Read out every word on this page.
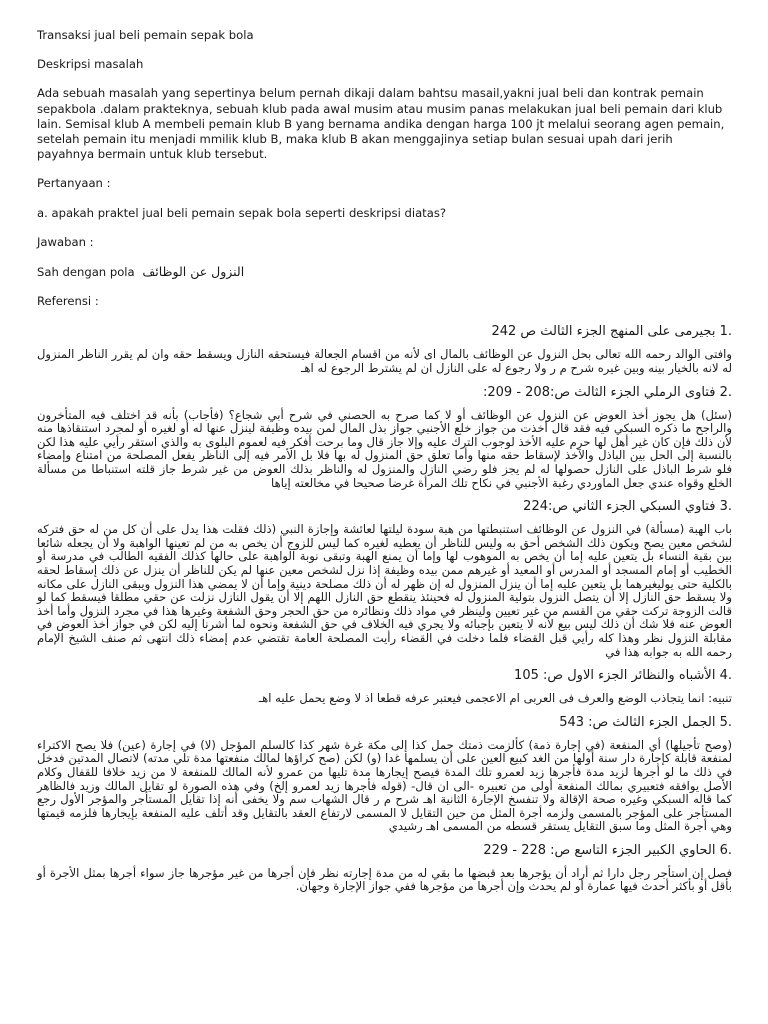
Transaksi jual beli pemain sepak bola

Deskripsi masalah

Ada sebuah masalah yang sepertinya belum pernah dikaji dalam bahtsu masail,yakni jual beli dan kontrak pemain sepakbola .dalam prakteknya, sebuah klub pada awal musim atau musim panas melakukan jual beli pemain dari klub lain. Semisal klub A membeli pemain klub B yang bernama andika dengan harga 100 jt melalui seorang agen pemain, setelah pemain itu menjadi mmilik klub B, maka klub B akan menggajinya setiap bulan sesuai upah dari jerih payahnya bermain untuk klub tersebut.

Pertanyaan :

a. apakah praktel jual beli pemain sepak bola seperti deskripsi diatas?

Jawaban :

Sah dengan pola النزول عن الوظائف

Referensi :

.1 بجيرمى على المنهج الجزء الثالث ص 242

وافتى الوالد رحمه الله تعالى بحل النزول عن الوظائف بالمال اى لأنه من اقسام الجعالة فيستحقه النازل ويسقط حقه وان لم يقرر الناظر المنزول له لانه بالخيار بينه وبين غيره شرح م ر ولا رجوع له على النازل ان لم يشترط الرجوع له اهـ

.2 فتاوى الرملي الجزء الثالث ص:208 - 209:

(سئل) هل يجوز أخذ العوض عن النزول عن الوظائف أو لا كما صرح به الحصني في شرح أبي شجاع؟ (فأجاب) بأنه قد اختلف فيه المتأخرون والراجح ما ذكره السبكي فيه فقد قال أخذت من جواز خلع الأجنبي جواز بذل المال لمن بيده وظيفة لينزل عنها له أو لغيره أو لمجرد استنقاذها منه لأن ذلك فإن كان غير أهل لها حرم عليه الأخذ لوجوب الترك عليه وإلا جاز قال وما برحت أفكر فيه لعموم البلوى به والذي استقر رأيي عليه هذا لكن بالنسبة إلى الحل بين الباذل والآخذ لإسقاط حقه منها وأما تعلق حق المنزول له بها فلا بل الأمر فيه إلى الناظر يفعل المصلحة من امتناع وإمضاء فلو شرط الباذل على النازل حصولها له لم يجز فلو رضي النازل والمنزول له والناظر بذلك العوض من غير شرط جاز قلته استنباطا من مسألة الخلع وقواه عندي جعل الماوردي رغبة الأجنبي في نكاح تلك المرأة غرضا صحيحا في مخالعته إياها

.3 فتاوي السبكي الجزء الثاني ص:224

باب الهبة (مسألة) في النزول عن الوظائف استنبطتها من هبة سودة ليلتها لعائشة وإجازة النبي (ذلك فقلت هذا يدل على أن كل من له حق فتركه لشخص معين يصح ويكون ذلك الشخص أحق به وليس للناظر أن يعطيه لغيره كما ليس للزوج أن يخص به من لم تعينها الواهبة ولا أن يجعله شائعا بين بقية النساء بل يتعين عليه إما أن يخص به الموهوب لها وإما أن يمنع الهبة وتبقى نوبة الواهبة على حالها كذلك الفقيه الطالب في مدرسة أو الخطيب أو إمام المسجد أو المدرس أو المعيد أو غيرهم ممن بيده وظيفة إذا نزل لشخص معين عنها لم يكن للناظر أن ينزل عن ذلك إسقاط لحقه بالكلية حتى يوليغيرهما بل يتعين عليه إما أن ينزل المنزول له إن ظهر له أن ذلك مصلحة دينية وإما أن لا يمضي هذا النزول ويبقى النازل على مكانه ولا يسقط حق النازل إلا أن يتصل النزول بتولية المنزول له فحينئذ ينقطع حق النازل اللهم إلا أن يقول النازل نزلت عن حقي مطلقا فيسقط كما لو قالت الزوجة تركت حقي من القسم من غير تعيين ولينظر في مواد ذلك ونظائره من حق الحجر وحق الشفعة وغيرها هذا في مجرد النزول وأما أخذ العوض عنه فلا شك أن ذلك ليس بيع لأنه لا يتعين بإجبائه ولا يجري فيه الخلاف في حق الشفعة ونحوه لما أشرنا إليه لكن في جواز أخذ العوض في مقابلة النزول نظر وهذا كله رأيي قبل القضاء فلما دخلت في القضاء رأيت المصلحة العامة تقتضي عدم إمضاء ذلك انتهى ثم صنف الشيخ الإمام رحمه الله به جوابه هذا في

.4 الأشباه والنظائر الجزء الاول ص: 105

تنبيه: انما يتجاذب الوضع والعرف فى العربى ام الاعجمى فيعتبر عرفه قطعا اذ لا وضع يحمل عليه اهـ

.5 الجمل الجزء الثالث ص: 543

(وصح تأجيلها) أي المنفعة (في إجارة ذمة) كألزمت ذمتك حمل كذا إلى مكة غرة شهر كذا كالسلم المؤجل (لا) في إجارة (عين) فلا يصح الاكتراء لمنفعة قابلة كإجارة دار سنة أولها من الغد كبيع العين على أن يسلمها غدا (و) لكن (صح كراؤها لمالك منفعتها مدة تلي مدته) لاتصال المدتين فدخل في ذلك ما لو أجرها لزيد مدة فأجرها زيد لعمرو تلك المدة فيصح إيجارها مدة تليها من عمرو لأنه المالك للمنفعة لا من زيد خلافا للقفال وكلام الأصل يوافقه فتعبيري بمالك المنفعة أولى من تعبيره -الى ان قال- (قوله فأجرها زيد لعمرو إلخ) وفي هذه الصورة لو تقايل المالك وزيد فالظاهر كما قاله السبكي وغيره صحة الإقالة ولا تنفسخ الإجارة الثانية اهـ شرح م ر قال الشهاب سم ولا يخفى أنه إذا تقايل المستأجر والمؤجر الأول رجع المستأجر على المؤجر بالمسمى ولزمه أجرة المثل من حين التقايل لا المسمى لارتفاع العقد بالتقايل وقد أتلف عليه المنفعة بإيجارها فلزمه قيمتها وهي أجرة المثل وما سبق التقايل يستقر قسطه من المسمى اهـ رشيدي

.6 الحاوي الكبير الجزء التاسع ص: 228 - 229

فصل إن استأجر رجل دارا ثم أراد أن يؤجرها بعد قبضها ما بقي له من مدة إجارته نظر فإن أجرها من غير مؤجرها جاز سواء أجرها بمثل الأجرة أو بأقل أو بأكثر أحدث فيها عمارة أو لم يحدث وإن أجرها من مؤجرها ففي جواز الإجارة وجهان.
